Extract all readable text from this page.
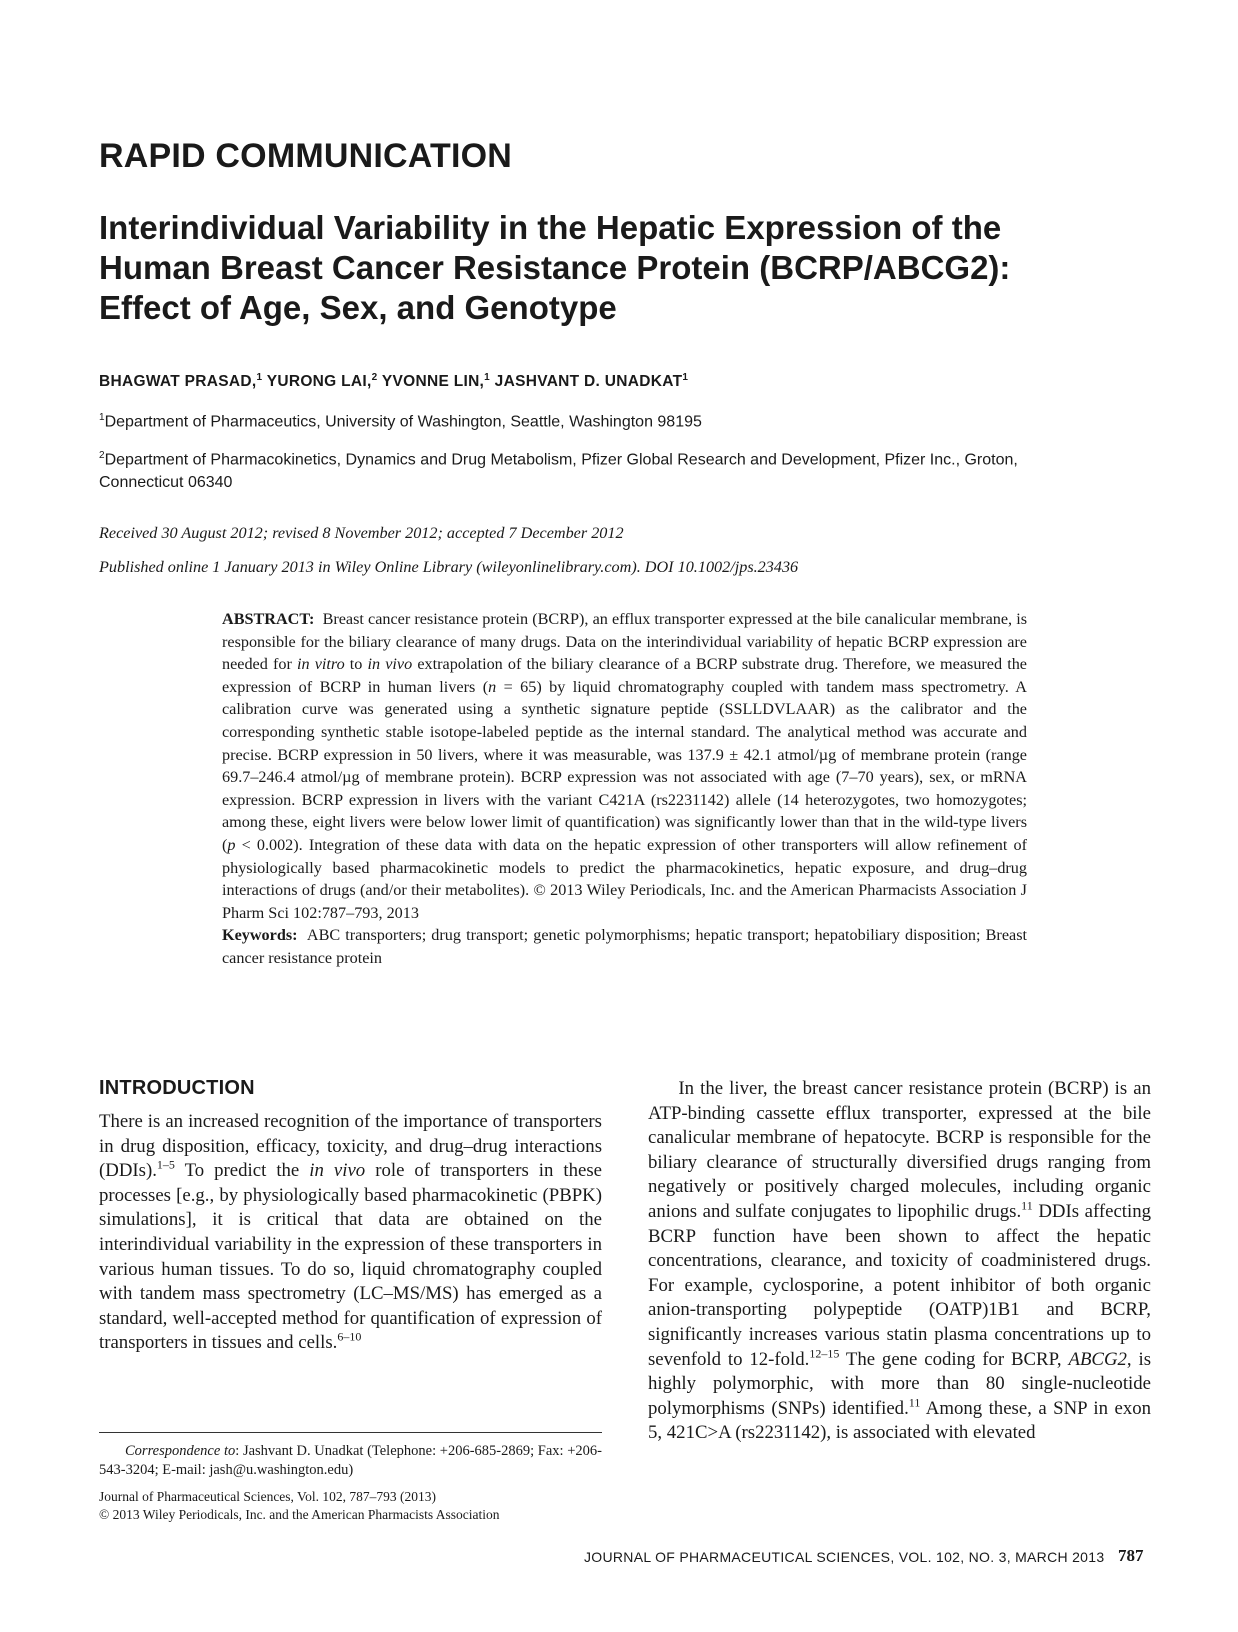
RAPID COMMUNICATION
Interindividual Variability in the Hepatic Expression of the Human Breast Cancer Resistance Protein (BCRP/ABCG2): Effect of Age, Sex, and Genotype
BHAGWAT PRASAD,$^1$ YURONG LAI,$^2$ YVONNE LIN,$^1$ JASHVANT D. UNADKAT$^1$
$^1$Department of Pharmaceutics, University of Washington, Seattle, Washington 98195
$^2$Department of Pharmacokinetics, Dynamics and Drug Metabolism, Pfizer Global Research and Development, Pfizer Inc., Groton, Connecticut 06340
Received 30 August 2012; revised 8 November 2012; accepted 7 December 2012
Published online 1 January 2013 in Wiley Online Library (wileyonlinelibrary.com). DOI 10.1002/jps.23436
ABSTRACT: Breast cancer resistance protein (BCRP), an efflux transporter expressed at the bile canalicular membrane, is responsible for the biliary clearance of many drugs. Data on the interindividual variability of hepatic BCRP expression are needed for in vitro to in vivo extrapolation of the biliary clearance of a BCRP substrate drug. Therefore, we measured the expression of BCRP in human livers (n = 65) by liquid chromatography coupled with tandem mass spectrometry. A calibration curve was generated using a synthetic signature peptide (SSLLDVLAAR) as the calibrator and the corresponding synthetic stable isotope-labeled peptide as the internal standard. The analytical method was accurate and precise. BCRP expression in 50 livers, where it was measurable, was 137.9 ± 42.1 atmol/µg of membrane protein (range 69.7–246.4 atmol/µg of membrane protein). BCRP expression was not associated with age (7–70 years), sex, or mRNA expression. BCRP expression in livers with the variant C421A (rs2231142) allele (14 heterozygotes, two homozygotes; among these, eight livers were below lower limit of quantification) was significantly lower than that in the wild-type livers (p < 0.002). Integration of these data with data on the hepatic expression of other transporters will allow refinement of physiologically based pharmacokinetic models to predict the pharmacokinetics, hepatic exposure, and drug–drug interactions of drugs (and/or their metabolites). © 2013 Wiley Periodicals, Inc. and the American Pharmacists Association J Pharm Sci 102:787–793, 2013
Keywords: ABC transporters; drug transport; genetic polymorphisms; hepatic transport; hepatobiliary disposition; Breast cancer resistance protein
INTRODUCTION
There is an increased recognition of the importance of transporters in drug disposition, efficacy, toxicity, and drug–drug interactions (DDIs).$^{1-5}$ To predict the in vivo role of transporters in these processes [e.g., by physiologically based pharmacokinetic (PBPK) simulations], it is critical that data are obtained on the interindividual variability in the expression of these transporters in various human tissues. To do so, liquid chromatography coupled with tandem mass spectrometry (LC–MS/MS) has emerged as a standard, well-accepted method for quantification of expression of transporters in tissues and cells.$^{6-10}$
In the liver, the breast cancer resistance protein (BCRP) is an ATP-binding cassette efflux transporter, expressed at the bile canalicular membrane of hepatocyte. BCRP is responsible for the biliary clearance of structurally diversified drugs ranging from negatively or positively charged molecules, including organic anions and sulfate conjugates to lipophilic drugs.$^{11}$ DDIs affecting BCRP function have been shown to affect the hepatic concentrations, clearance, and toxicity of coadministered drugs. For example, cyclosporine, a potent inhibitor of both organic anion-transporting polypeptide (OATP)1B1 and BCRP, significantly increases various statin plasma concentrations up to sevenfold to 12-fold.$^{12-15}$ The gene coding for BCRP, ABCG2, is highly polymorphic, with more than 80 single-nucleotide polymorphisms (SNPs) identified.$^{11}$ Among these, a SNP in exon 5, 421C>A (rs2231142), is associated with elevated
Correspondence to: Jashvant D. Unadkat (Telephone: +206-685-2869; Fax: +206-543-3204; E-mail: jash@u.washington.edu)
Journal of Pharmaceutical Sciences, Vol. 102, 787–793 (2013)
© 2013 Wiley Periodicals, Inc. and the American Pharmacists Association
JOURNAL OF PHARMACEUTICAL SCIENCES, VOL. 102, NO. 3, MARCH 2013 787
